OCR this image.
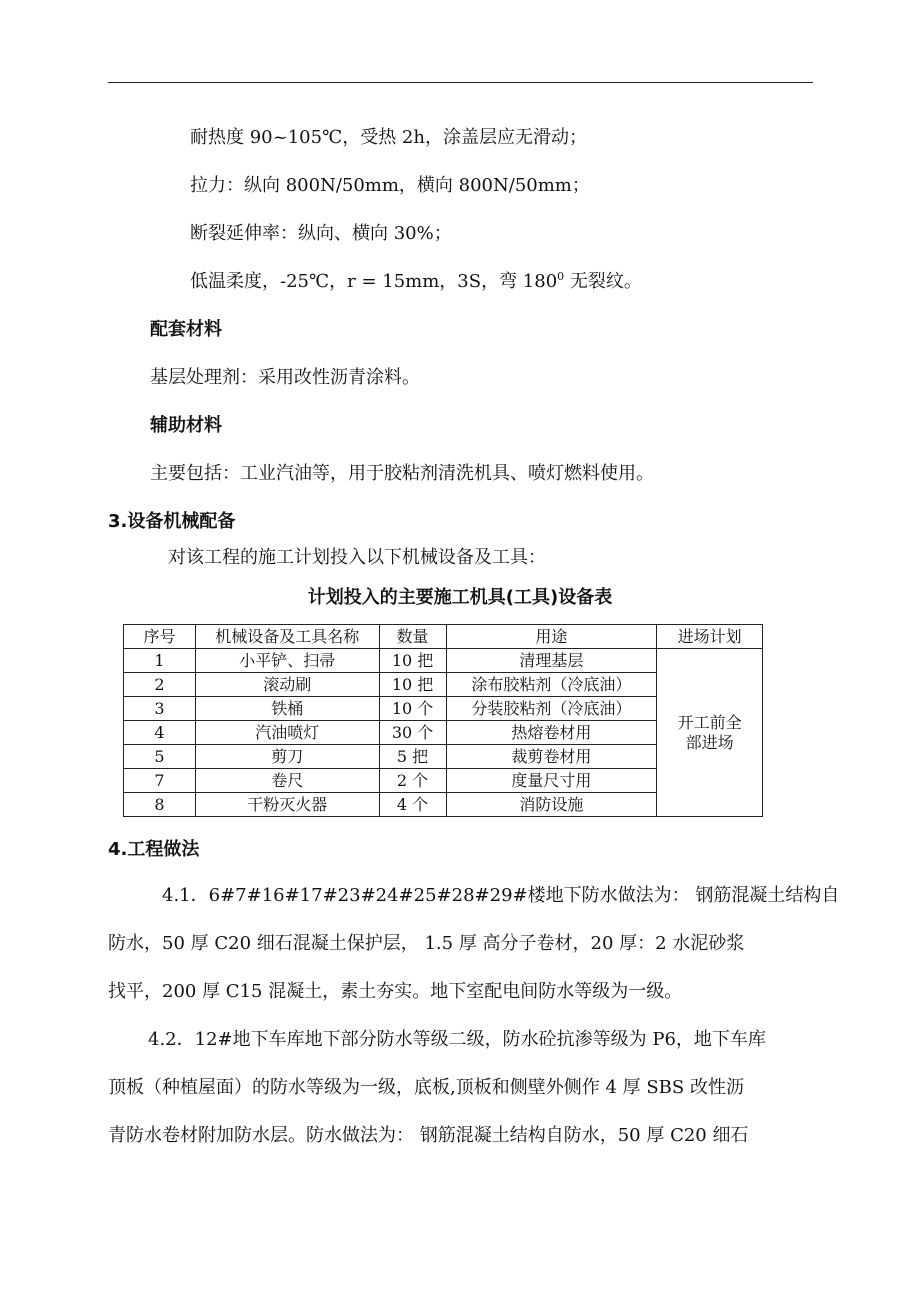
耐热度 90~105℃，受热 2h，涂盖层应无滑动；
拉力：纵向 800N/50mm，横向 800N/50mm；
断裂延伸率：纵向、横向 30%；
低温柔度，-25℃，r = 15mm，3S，弯 $180^0$ 无裂纹。
配套材料
基层处理剂：采用改性沥青涂料。
辅助材料
主要包括：工业汽油等，用于胶粘剂清洗机具、喷灯燃料使用。
3.设备机械配备
对该工程的施工计划投入以下机械设备及工具：
计划投入的主要施工机具(工具)设备表
序号	机械设备及工具名称	数量	用途	进场计划
1	小平铲、扫帚	10 把	清理基层	开工前全
部进场
2	滚动刷	10 把	涂布胶粘剂（冷底油）	
3	铁桶	10 个	分装胶粘剂（冷底油）	
4	汽油喷灯	30 个	热熔卷材用	
5	剪刀	5 把	裁剪卷材用	
7	卷尺	2 个	度量尺寸用	
8	干粉灭火器	4 个	消防设施	
4.工程做法
4.1．6#7#16#17#23#24#25#28#29#楼地下防水做法为： 钢筋混凝土结构自
防水，50 厚 C20 细石混凝土保护层， 1.5 厚 高分子卷材，20 厚：2 水泥砂浆
找平，200 厚 C15 混凝土，素土夯实。地下室配电间防水等级为一级。
4.2．12#地下车库地下部分防水等级二级，防水砼抗渗等级为 P6，地下车库
顶板（种植屋面）的防水等级为一级，底板,顶板和侧壁外侧作 4 厚 SBS 改性沥
青防水卷材附加防水层。防水做法为： 钢筋混凝土结构自防水，50 厚 C20 细石
